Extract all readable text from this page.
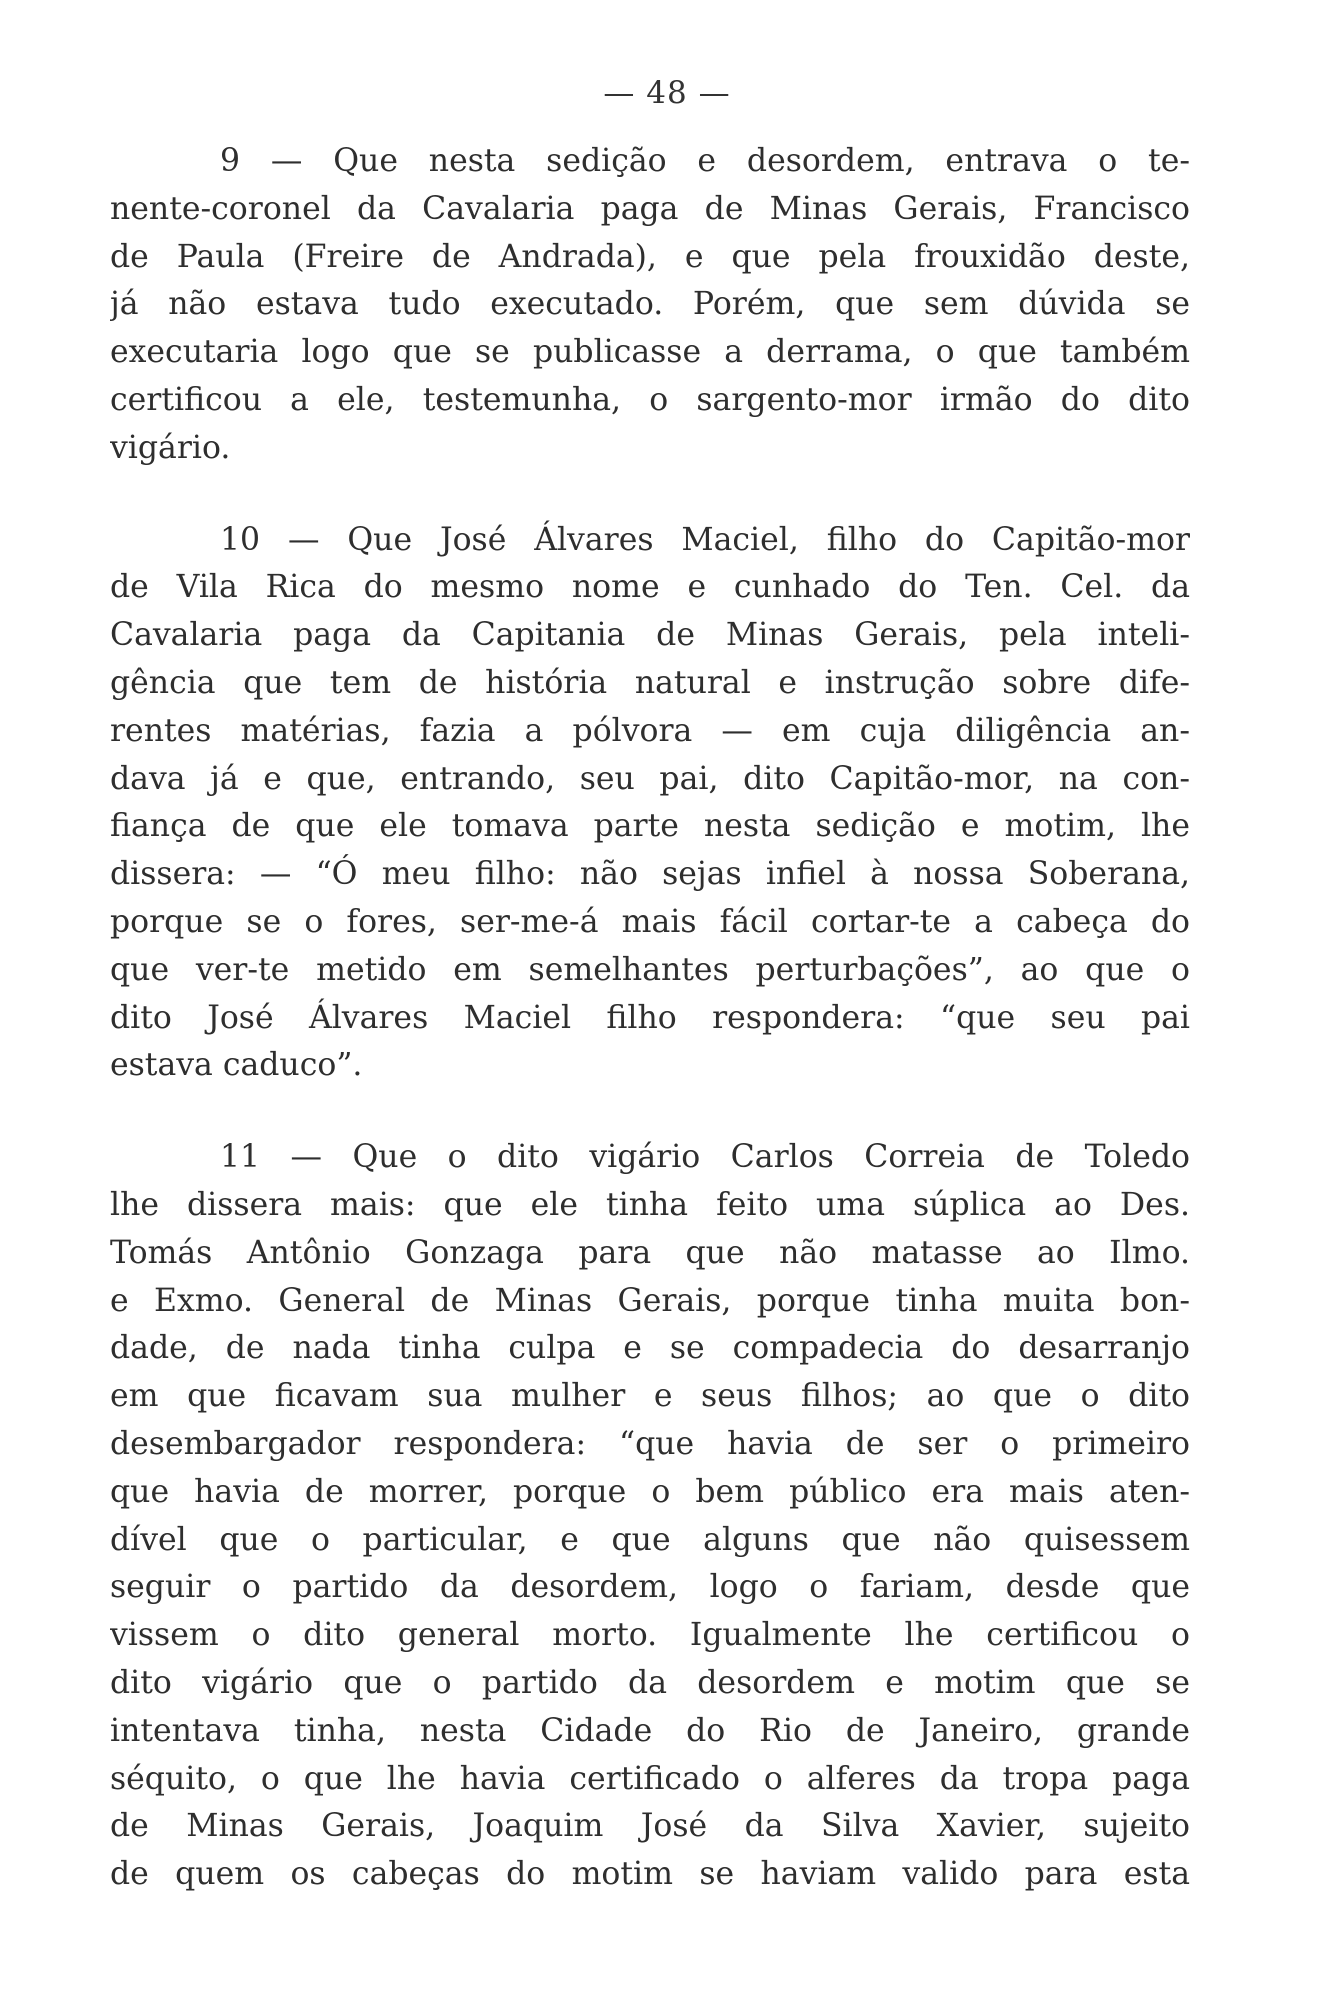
— 48 —

9 — Que nesta sedição e desordem, entrava o te-
nente-coronel da Cavalaria paga de Minas Gerais, Francisco
de Paula (Freire de Andrada), e que pela frouxidão deste,
já não estava tudo executado. Porém, que sem dúvida se
executaria logo que se publicasse a derrama, o que também
certificou a ele, testemunha, o sargento-mor irmão do dito
vigário.

10 — Que José Álvares Maciel, filho do Capitão-mor
de Vila Rica do mesmo nome e cunhado do Ten. Cel. da
Cavalaria paga da Capitania de Minas Gerais, pela inteli-
gência que tem de história natural e instrução sobre dife-
rentes matérias, fazia a pólvora — em cuja diligência an-
dava já e que, entrando, seu pai, dito Capitão-mor, na con-
fiança de que ele tomava parte nesta sedição e motim, lhe
dissera: — “Ó meu filho: não sejas infiel à nossa Soberana,
porque se o fores, ser-me-á mais fácil cortar-te a cabeça do
que ver-te metido em semelhantes perturbações”, ao que o
dito José Álvares Maciel filho respondera: “que seu pai
estava caduco”.

11 — Que o dito vigário Carlos Correia de Toledo
lhe dissera mais: que ele tinha feito uma súplica ao Des.
Tomás Antônio Gonzaga para que não matasse ao Ilmo.
e Exmo. General de Minas Gerais, porque tinha muita bon-
dade, de nada tinha culpa e se compadecia do desarranjo
em que ficavam sua mulher e seus filhos; ao que o dito
desembargador respondera: “que havia de ser o primeiro
que havia de morrer, porque o bem público era mais aten-
dível que o particular, e que alguns que não quisessem
seguir o partido da desordem, logo o fariam, desde que
vissem o dito general morto. Igualmente lhe certificou o
dito vigário que o partido da desordem e motim que se
intentava tinha, nesta Cidade do Rio de Janeiro, grande
séquito, o que lhe havia certificado o alferes da tropa paga
de Minas Gerais, Joaquim José da Silva Xavier, sujeito
de quem os cabeças do motim se haviam valido para esta
